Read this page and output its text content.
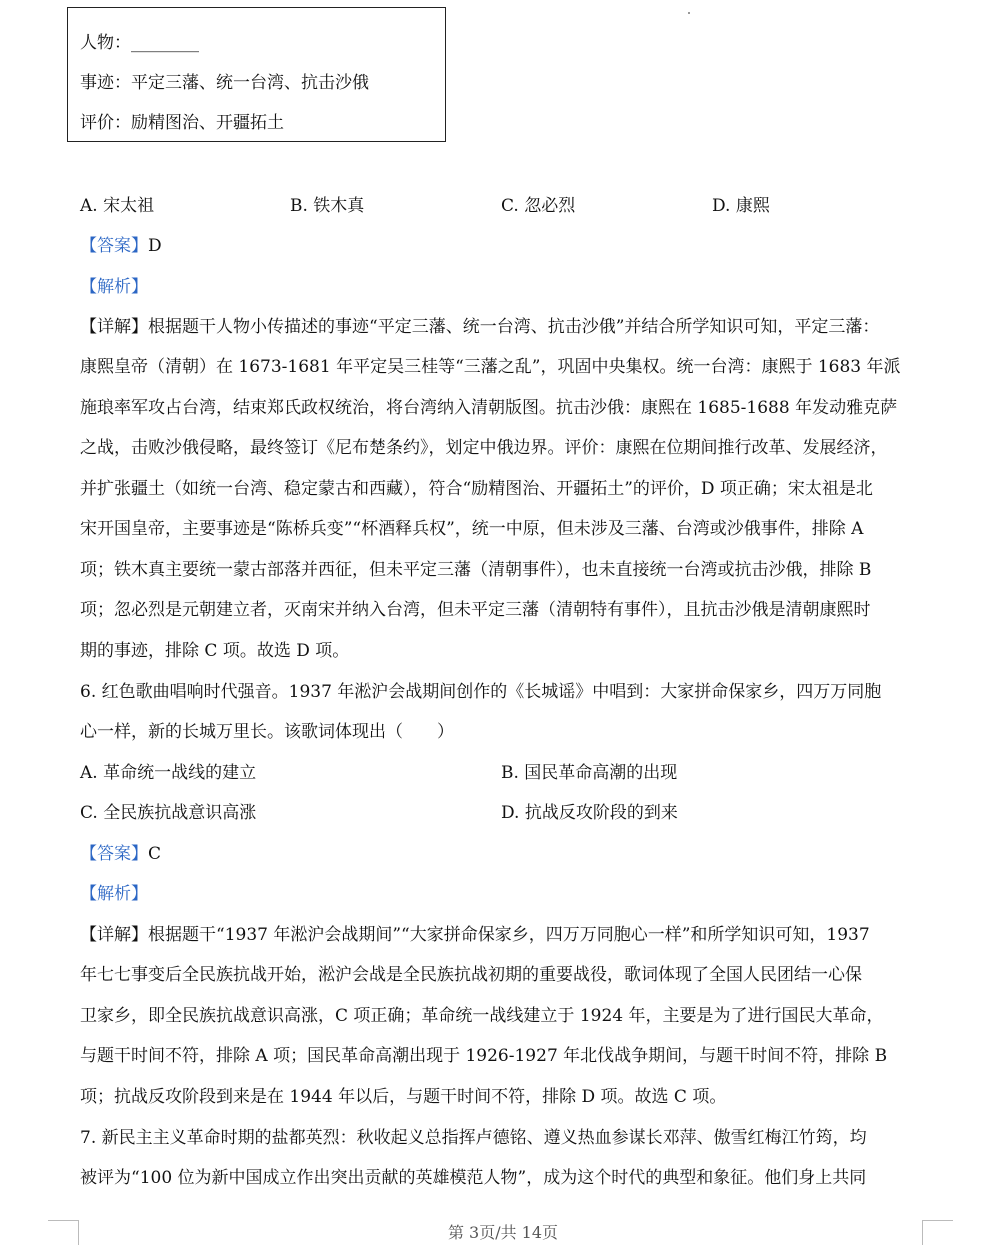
人物：________
事迹：平定三藩、统一台湾、抗击沙俄
评价：励精图治、开疆拓土
A. 宋太祖	B. 铁木真	C. 忽必烈	D. 康熙
【答案】D
【解析】
【详解】根据题干人物小传描述的事迹“平定三藩、统一台湾、抗击沙俄”并结合所学知识可知，平定三藩：
康熙皇帝（清朝）在 1673-1681 年平定吴三桂等“三藩之乱”，巩固中央集权。统一台湾：康熙于 1683 年派
施琅率军攻占台湾，结束郑氏政权统治，将台湾纳入清朝版图。抗击沙俄：康熙在 1685-1688 年发动雅克萨
之战，击败沙俄侵略，最终签订《尼布楚条约》，划定中俄边界。评价：康熙在位期间推行改革、发展经济，
并扩张疆土（如统一台湾、稳定蒙古和西藏），符合“励精图治、开疆拓土”的评价，D 项正确；宋太祖是北
宋开国皇帝，主要事迹是“陈桥兵变”“杯酒释兵权”，统一中原，但未涉及三藩、台湾或沙俄事件，排除 A
项；铁木真主要统一蒙古部落并西征，但未平定三藩（清朝事件），也未直接统一台湾或抗击沙俄，排除 B
项；忽必烈是元朝建立者，灭南宋并纳入台湾，但未平定三藩（清朝特有事件），且抗击沙俄是清朝康熙时
期的事迹，排除 C 项。故选 D 项。
6. 红色歌曲唱响时代强音。1937 年淞沪会战期间创作的《长城谣》中唱到：大家拼命保家乡，四万万同胞
心一样，新的长城万里长。该歌词体现出（　　）
A. 革命统一战线的建立	B. 国民革命高潮的出现
C. 全民族抗战意识高涨	D. 抗战反攻阶段的到来
【答案】C
【解析】
【详解】根据题干“1937 年淞沪会战期间”“大家拼命保家乡，四万万同胞心一样”和所学知识可知，1937
年七七事变后全民族抗战开始，淞沪会战是全民族抗战初期的重要战役，歌词体现了全国人民团结一心保
卫家乡，即全民族抗战意识高涨，C 项正确；革命统一战线建立于 1924 年，主要是为了进行国民大革命，
与题干时间不符，排除 A 项；国民革命高潮出现于 1926-1927 年北伐战争期间，与题干时间不符，排除 B
项；抗战反攻阶段到来是在 1944 年以后，与题干时间不符，排除 D 项。故选 C 项。
7. 新民主主义革命时期的盐都英烈：秋收起义总指挥卢德铭、遵义热血参谋长邓萍、傲雪红梅江竹筠，均
被评为“100 位为新中国成立作出突出贡献的英雄模范人物”，成为这个时代的典型和象征。他们身上共同
第 3页/共 14页
